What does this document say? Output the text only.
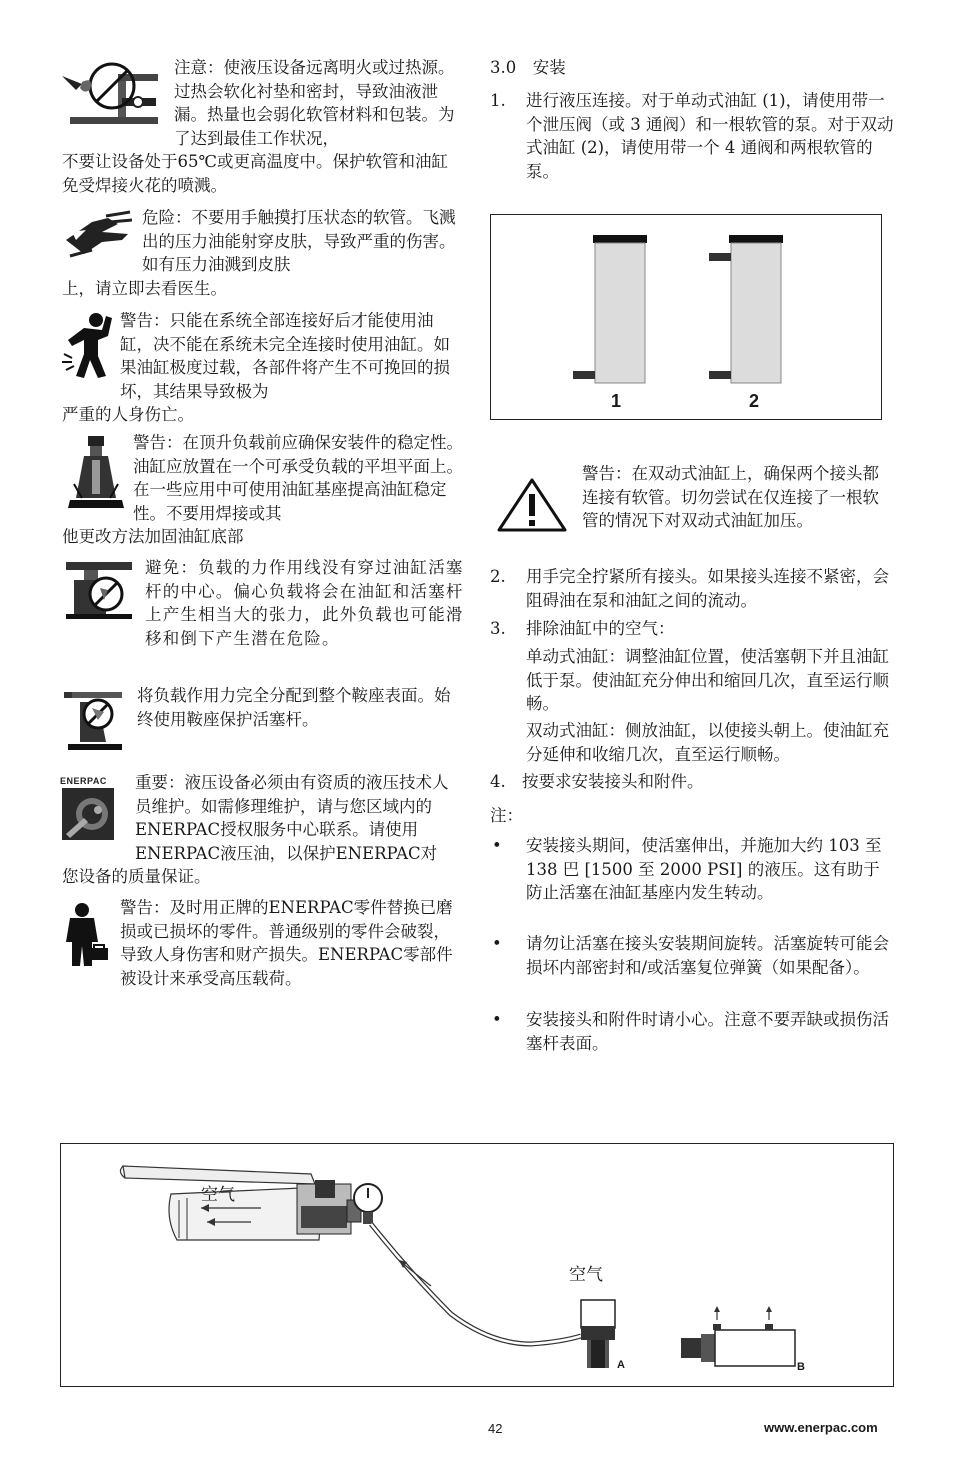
注意：使液压设备远离明火或过热源。过热会软化衬垫和密封，导致油液泄漏。热量也会弱化软管材料和包装。为了达到最佳工作状况，
不要让设备处于65℃或更高温度中。保护软管和油缸免受焊接火花的喷溅。
危险：不要用手触摸打压状态的软管。飞溅出的压力油能射穿皮肤，导致严重的伤害。如有压力油溅到皮肤
上，请立即去看医生。
警告：只能在系统全部连接好后才能使用油缸，决不能在系统未完全连接时使用油缸。如果油缸极度过载，各部件将产生不可挽回的损坏，其结果导致极为
严重的人身伤亡。
警告：在顶升负载前应确保安装件的稳定性。油缸应放置在一个可承受负载的平坦平面上。在一些应用中可使用油缸基座提高油缸稳定性。不要用焊接或其
他更改方法加固油缸底部
避免：负载的力作用线没有穿过油缸活塞杆的中心。偏心负载将会在油缸和活塞杆上产生相当大的张力，此外负载也可能滑移和倒下产生潜在危险。
将负载作用力完全分配到整个鞍座表面。始终使用鞍座保护活塞杆。
ENERPAC 重要：液压设备必须由有资质的液压技术人员维护。如需修理维护，请与您区域内的ENERPAC授权服务中心联系。请使用ENERPAC液压油，以保护ENERPAC对
您设备的质量保证。
警告：及时用正牌的ENERPAC零件替换已磨损或已损坏的零件。普通级别的零件会破裂，导致人身伤害和财产损失。ENERPAC零部件被设计来承受高压载荷。
3.0　安装
1. 进行液压连接。对于单动式油缸 (1)，请使用带一个泄压阀（或 3 通阀）和一根软管的泵。对于双动式油缸 (2)，请使用带一个 4 通阀和两根软管的泵。
1	2
警告：在双动式油缸上，确保两个接头都连接有软管。切勿尝试在仅连接了一根软管的情况下对双动式油缸加压。
2. 用手完全拧紧所有接头。如果接头连接不紧密，会阻碍油在泵和油缸之间的流动。
3. 排除油缸中的空气：
单动式油缸：调整油缸位置，使活塞朝下并且油缸低于泵。使油缸充分伸出和缩回几次，直至运行顺畅。
双动式油缸：侧放油缸，以使接头朝上。使油缸充分延伸和收缩几次，直至运行顺畅。
4. 按要求安装接头和附件。
注：
• 安装接头期间，使活塞伸出，并施加大约 103 至 138 巴 [1500 至 2000 PSI] 的液压。这有助于防止活塞在油缸基座内发生转动。
• 请勿让活塞在接头安装期间旋转。活塞旋转可能会损坏内部密封和/或活塞复位弹簧（如果配备）。
• 安装接头和附件时请小心。注意不要弄缺或损伤活塞杆表面。
空气
空气
A	B
42	www.enerpac.com
